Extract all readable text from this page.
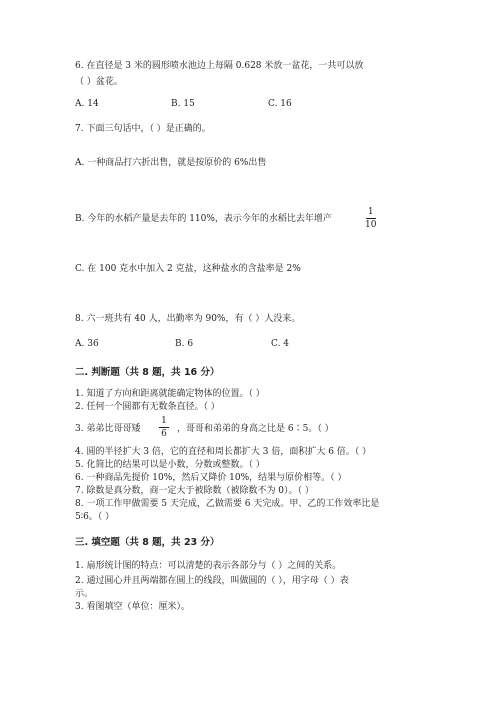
6. 在直径是 3 米的圆形喷水池边上每隔 0.628 米放一盆花，一共可以放
（ ）盆花。
A. 14	B. 15	C. 16
7. 下面三句话中，（ ）是正确的。
A. 一种商品打六折出售，就是按原价的 6%出售
B. 今年的水稻产量是去年的 110%，表示今年的水稻比去年增产
1
10
C. 在 100 克水中加入 2 克盐，这种盐水的含盐率是 2%
8. 六一班共有 40 人，出勤率为 90%，有（ ）人没来。
A. 36	B. 6	C. 4
二. 判断题（共 8 题，共 16 分）
1. 知道了方向和距离就能确定物体的位置。（ ）
2. 任何一个圆都有无数条直径。（ ）
3. 弟弟比哥哥矮
1
6 ，哥哥和弟弟的身高之比是 6∶5。（ ）
4. 圆的半径扩大 3 倍，它的直径和周长都扩大 3 倍，面积扩大 6 倍。（ ）
5. 化简比的结果可以是小数，分数或整数。（ ）
6. 一种商品先提价 10%，然后又降价 10%，结果与原价相等。（ ）
7. 除数是真分数，商一定大于被除数（被除数不为 0）。（ ）
8. 一项工作甲做需要 5 天完成，乙做需要 6 天完成。甲、乙的工作效率比是
5∶6。（ ）
三. 填空题（共 8 题，共 23 分）
1. 扇形统计图的特点：可以清楚的表示各部分与（ ）之间的关系。
2. 通过圆心并且两端都在圆上的线段，叫做圆的（ ），用字母（ ）表
示。
3. 看图填空（单位：厘米）。
